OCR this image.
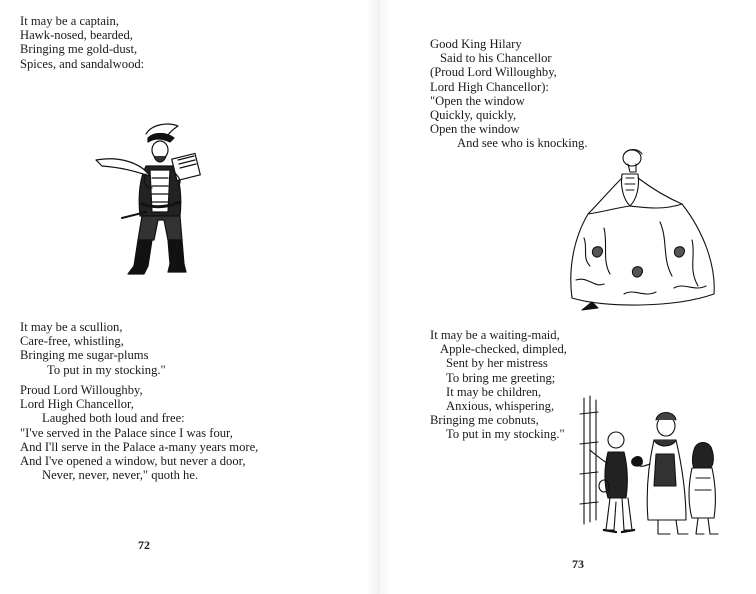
It may be a captain,
Hawk-nosed, bearded,
Bringing me gold-dust,
Spices, and sandalwood:
It may be a scullion,
Care-free, whistling,
Bringing me sugar-plums
To put in my stocking."
Proud Lord Willoughby,
Lord High Chancellor,
Laughed both loud and free:
"I've served in the Palace since I was four,
And I'll serve in the Palace a-many years more,
And I've opened a window, but never a door,
Never, never, never," quoth he.
72
Good King Hilary
Said to his Chancellor
(Proud Lord Willoughby,
Lord High Chancellor):
"Open the window
Quickly, quickly,
Open the window
And see who is knocking.
It may be a waiting-maid,
Apple-checked, dimpled,
Sent by her mistress
To bring me greeting;
It may be children,
Anxious, whispering,
Bringing me cobnuts,
To put in my stocking."
73
